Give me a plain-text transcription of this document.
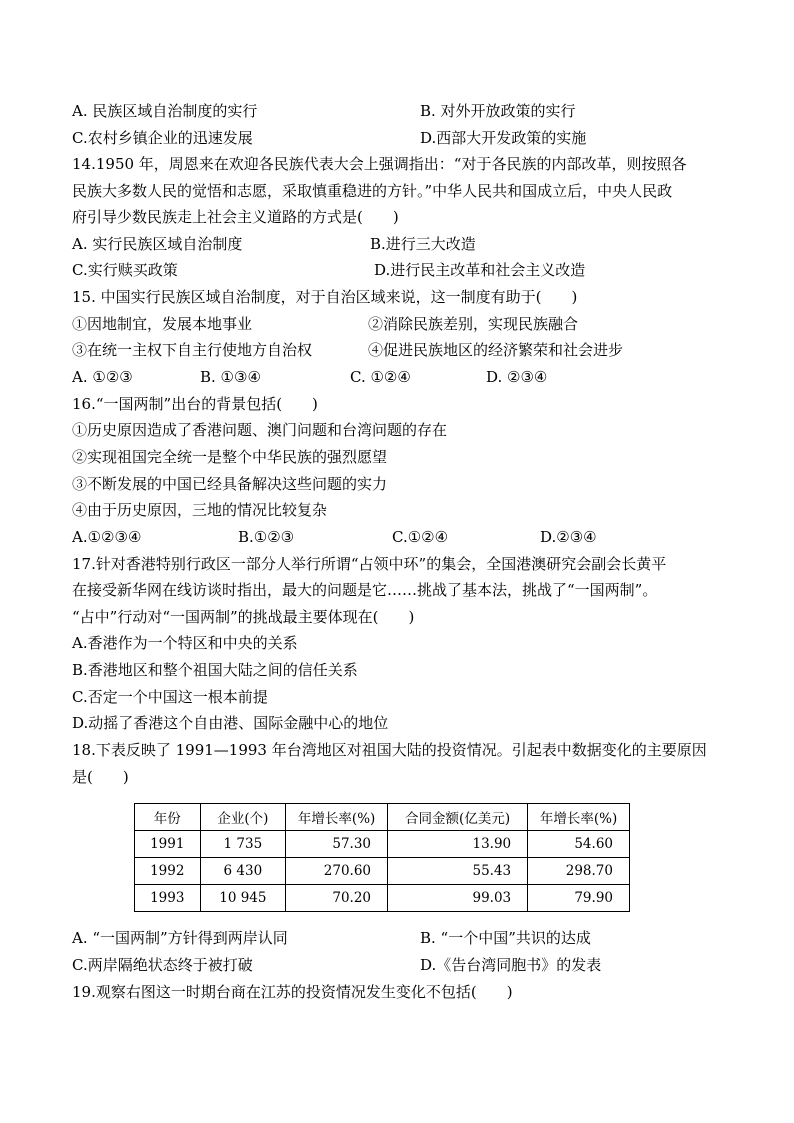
A. 民族区域自治制度的实行	B. 对外开放政策的实行
C.农村乡镇企业的迅速发展	D.西部大开发政策的实施
14.1950 年，周恩来在欢迎各民族代表大会上强调指出：“对于各民族的内部改革，则按照各
民族大多数人民的觉悟和志愿，采取慎重稳进的方针。”中华人民共和国成立后，中央人民政
府引导少数民族走上社会主义道路的方式是(　　)
A. 实行民族区域自治制度	B.进行三大改造
C.实行赎买政策	D.进行民主改革和社会主义改造
15. 中国实行民族区域自治制度，对于自治区域来说，这一制度有助于(　　)
①因地制宜，发展本地事业	②消除民族差别，实现民族融合
③在统一主权下自主行使地方自治权	④促进民族地区的经济繁荣和社会进步
A. ①②③	B. ①③④	C. ①②④	D. ②③④
16.“一国两制”出台的背景包括(　　)
①历史原因造成了香港问题、澳门问题和台湾问题的存在
②实现祖国完全统一是整个中华民族的强烈愿望
③不断发展的中国已经具备解决这些问题的实力
④由于历史原因，三地的情况比较复杂
A.①②③④	B.①②③	C.①②④	D.②③④
17.针对香港特别行政区一部分人举行所谓“占领中环”的集会，全国港澳研究会副会长黄平
在接受新华网在线访谈时指出，最大的问题是它……挑战了基本法，挑战了“一国两制”。
“占中”行动对“一国两制”的挑战最主要体现在(　　)
A.香港作为一个特区和中央的关系
B.香港地区和整个祖国大陆之间的信任关系
C.否定一个中国这一根本前提
D.动摇了香港这个自由港、国际金融中心的地位
18.下表反映了 1991—1993 年台湾地区对祖国大陆的投资情况。引起表中数据变化的主要原因
是(　　)
年份	企业(个)	年增长率(%)	合同金额(亿美元)	年增长率(%)
1991	1 735	57.30	13.90	54.60
1992	6 430	270.60	55.43	298.70
1993	10 945	70.20	99.03	79.90
A. “一国两制”方针得到两岸认同	B. “一个中国”共识的达成
C.两岸隔绝状态终于被打破	D.《告台湾同胞书》的发表
19.观察右图这一时期台商在江苏的投资情况发生变化不包括(　　)
